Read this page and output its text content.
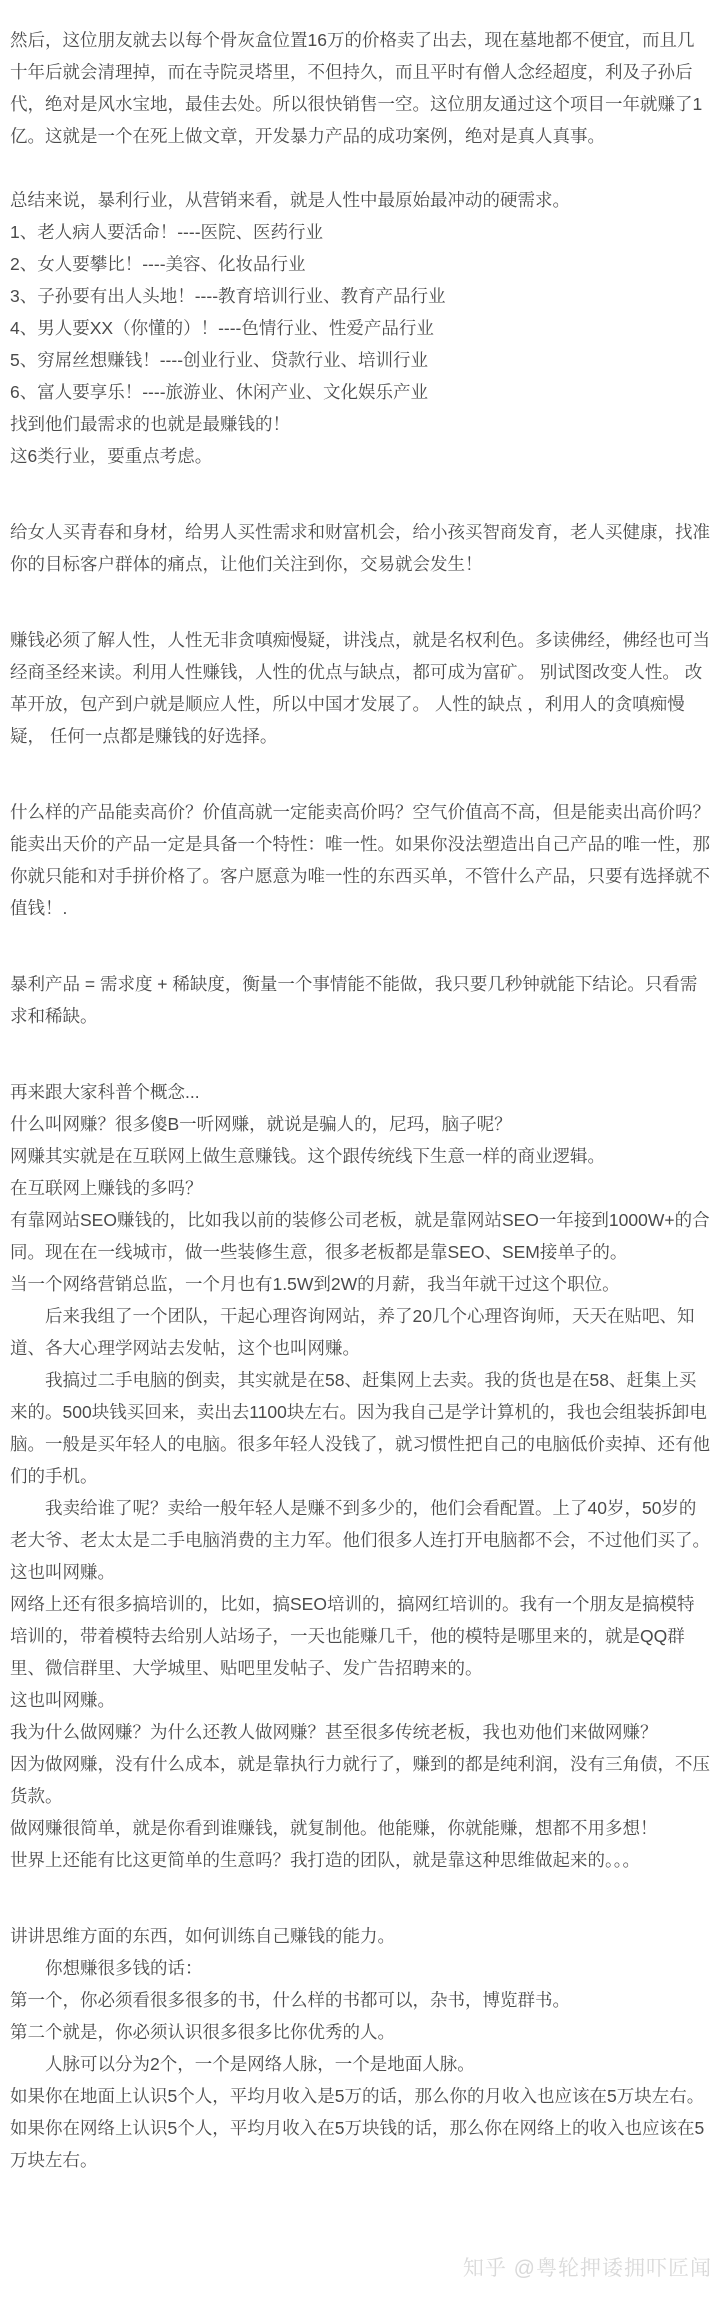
然后，这位朋友就去以每个骨灰盒位置16万的价格卖了出去，现在墓地都不便宜，而且几十年后就会清理掉，而在寺院灵塔里，不但持久，而且平时有僧人念经超度，利及子孙后代，绝对是风水宝地，最佳去处。所以很快销售一空。这位朋友通过这个项目一年就赚了1亿。这就是一个在死上做文章，开发暴力产品的成功案例，绝对是真人真事。

总结来说，暴利行业，从营销来看，就是人性中最原始最冲动的硬需求。

1、老人病人要活命！----医院、医药行业

2、女人要攀比！----美容、化妆品行业

3、子孙要有出人头地！----教育培训行业、教育产品行业

4、男人要XX（你懂的）！----色情行业、性爱产品行业

5、穷屌丝想赚钱！----创业行业、贷款行业、培训行业

6、富人要享乐！----旅游业、休闲产业、文化娱乐产业

找到他们最需求的也就是最赚钱的！

这6类行业，要重点考虑。

给女人买青春和身材，给男人买性需求和财富机会，给小孩买智商发育，老人买健康，找准你的目标客户群体的痛点，让他们关注到你，交易就会发生！

赚钱必须了解人性，人性无非贪嗔痴慢疑，讲浅点，就是名权利色。多读佛经，佛经也可当经商圣经来读。利用人性赚钱，人性的优点与缺点，都可成为富矿。 别试图改变人性。 改革开放，包产到户就是顺应人性，所以中国才发展了。 人性的缺点 ，利用人的贪嗔痴慢疑， 任何一点都是赚钱的好选择。

什么样的产品能卖高价？价值高就一定能卖高价吗？空气价值高不高，但是能卖出高价吗？能卖出天价的产品一定是具备一个特性：唯一性。如果你没法塑造出自己产品的唯一性，那你就只能和对手拼价格了。客户愿意为唯一性的东西买单，不管什么产品，只要有选择就不值钱！.

暴利产品 = 需求度 + 稀缺度，衡量一个事情能不能做，我只要几秒钟就能下结论。只看需求和稀缺。

再来跟大家科普个概念...

什么叫网赚？很多傻B一听网赚，就说是骗人的，尼玛，脑子呢？

网赚其实就是在互联网上做生意赚钱。这个跟传统线下生意一样的商业逻辑。

在互联网上赚钱的多吗？

有靠网站SEO赚钱的，比如我以前的装修公司老板，就是靠网站SEO一年接到1000W+的合同。现在在一线城市，做一些装修生意，很多老板都是靠SEO、SEM接单子的。

当一个网络营销总监，一个月也有1.5W到2W的月薪，我当年就干过这个职位。

后来我组了一个团队，干起心理咨询网站，养了20几个心理咨询师，天天在贴吧、知道、各大心理学网站去发帖，这个也叫网赚。

我搞过二手电脑的倒卖，其实就是在58、赶集网上去卖。我的货也是在58、赶集上买来的。500块钱买回来，卖出去1100块左右。因为我自己是学计算机的，我也会组装拆卸电脑。一般是买年轻人的电脑。很多年轻人没钱了，就习惯性把自己的电脑低价卖掉、还有他们的手机。

我卖给谁了呢？卖给一般年轻人是赚不到多少的，他们会看配置。上了40岁，50岁的老大爷、老太太是二手电脑消费的主力军。他们很多人连打开电脑都不会，不过他们买了。

这也叫网赚。

网络上还有很多搞培训的，比如，搞SEO培训的，搞网红培训的。我有一个朋友是搞模特培训的，带着模特去给别人站场子，一天也能赚几千，他的模特是哪里来的，就是QQ群里、微信群里、大学城里、贴吧里发帖子、发广告招聘来的。

这也叫网赚。

我为什么做网赚？为什么还教人做网赚？甚至很多传统老板，我也劝他们来做网赚？

因为做网赚，没有什么成本，就是靠执行力就行了，赚到的都是纯利润，没有三角债，不压货款。

做网赚很简单，就是你看到谁赚钱，就复制他。他能赚，你就能赚，想都不用多想！

世界上还能有比这更简单的生意吗？我打造的团队，就是靠这种思维做起来的。。。

讲讲思维方面的东西，如何训练自己赚钱的能力。

你想赚很多钱的话：

第一个，你必须看很多很多的书，什么样的书都可以，杂书，博览群书。

第二个就是，你必须认识很多很多比你优秀的人。

人脉可以分为2个，一个是网络人脉，一个是地面人脉。

如果你在地面上认识5个人，平均月收入是5万的话，那么你的月收入也应该在5万块左右。

如果你在网络上认识5个人，平均月收入在5万块钱的话，那么你在网络上的收入也应该在5万块左右。

知乎 @粤轮押诿拥吓匠闻
